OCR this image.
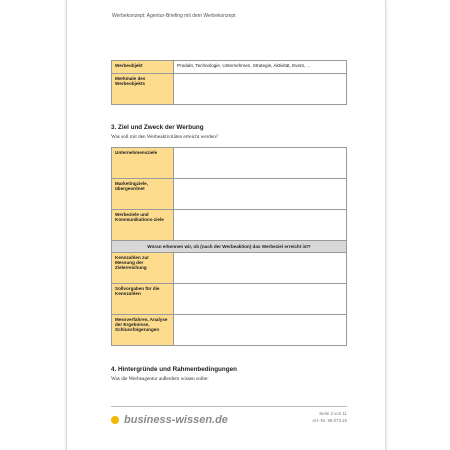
Werbekonzept: Agentur-Briefing mit dem Werbekonzept
Werbeobjekt	Produkt, Technologie, Unternehmen, Strategie, Aktivität, Event, ...
Merkmale des Werbeobjekts	
3. Ziel und Zweck der Werbung
Was soll mit den Werbeaktivitäten erreicht werden?
Unternehmensziele	
Marketingziele, übergeordnet	
Werbeziele und Kommunikations-ziele	
Woran erkennen wir, ob (nach der Werbeaktion) das Werbeziel erreicht ist?	
Kennzahlen zur Messung der Zielerreichung	
Sollvorgaben für die Kennzahlen	
Messverfahren, Analyse der Ergebnisse, Schlussfolgerungen	
4. Hintergründe und Rahmenbedingungen
Was die Werbeagentur außerdem wissen sollte:
business-wissen.de
Seite 2 von 11
Art.-Nr. 99.073.15
